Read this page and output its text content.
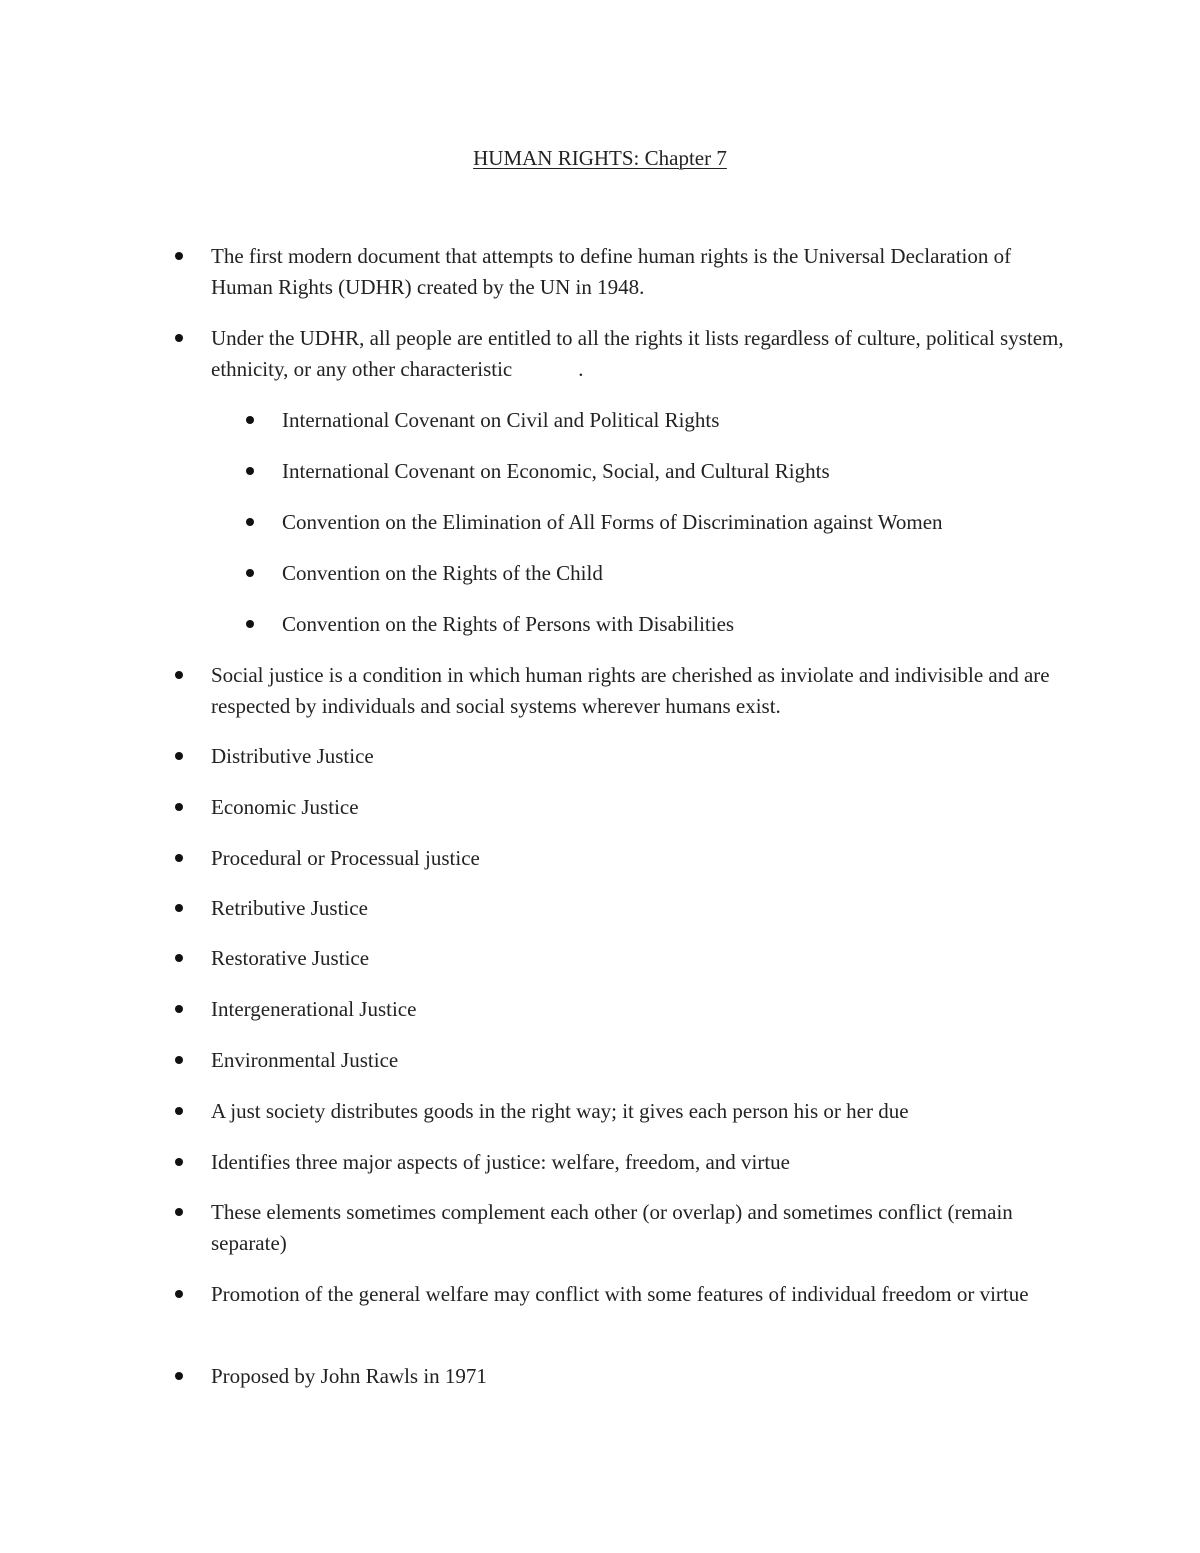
HUMAN RIGHTS: Chapter 7
The first modern document that attempts to define human rights is the Universal Declaration of Human Rights (UDHR) created by the UN in 1948.
Under the UDHR, all people are entitled to all the rights it lists regardless of culture, political system, ethnicity, or any other characteristic	.
International Covenant on Civil and Political Rights
International Covenant on Economic, Social, and Cultural Rights
Convention on the Elimination of All Forms of Discrimination against Women
Convention on the Rights of the Child
Convention on the Rights of Persons with Disabilities
Social justice is a condition in which human rights are cherished as inviolate and indivisible and are respected by individuals and social systems wherever humans exist.
Distributive Justice
Economic Justice
Procedural or Processual justice
Retributive Justice
Restorative Justice
Intergenerational Justice
Environmental Justice
A just society distributes goods in the right way; it gives each person his or her due
Identifies three major aspects of justice: welfare, freedom, and virtue
These elements sometimes complement each other (or overlap) and sometimes conflict (remain separate)
Promotion of the general welfare may conflict with some features of individual freedom or virtue
Proposed by John Rawls in 1971
